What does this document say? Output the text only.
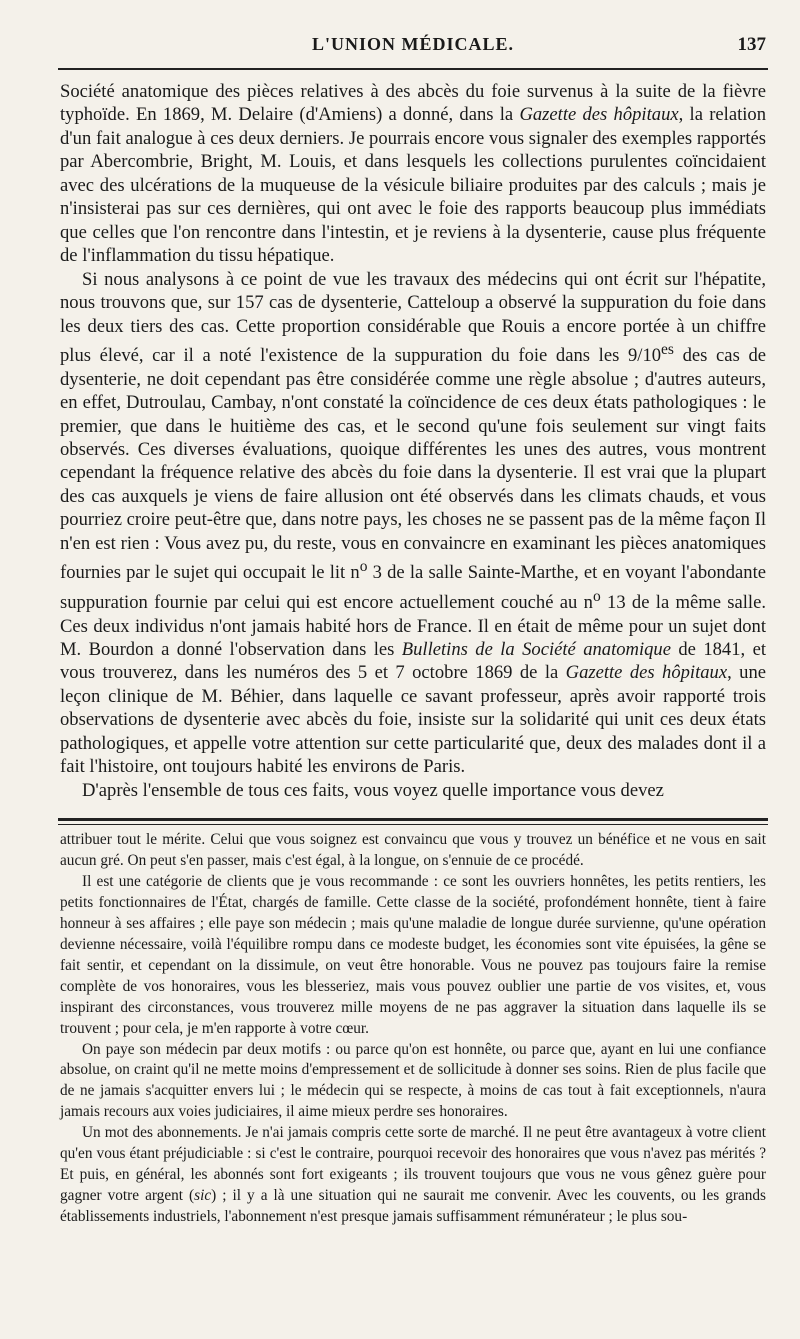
L'UNION MÉDICALE.	137

Société anatomique des pièces relatives à des abcès du foie survenus à la suite de la fièvre typhoïde. En 1869, M. Delaire (d'Amiens) a donné, dans la Gazette des hôpitaux, la relation d'un fait analogue à ces deux derniers. Je pourrais encore vous signaler des exemples rapportés par Abercombrie, Bright, M. Louis, et dans lesquels les collections purulentes coïncidaient avec des ulcérations de la muqueuse de la vésicule biliaire produites par des calculs ; mais je n'insisterai pas sur ces dernières, qui ont avec le foie des rapports beaucoup plus immédiats que celles que l'on rencontre dans l'intestin, et je reviens à la dysenterie, cause plus fréquente de l'inflammation du tissu hépatique.

Si nous analysons à ce point de vue les travaux des médecins qui ont écrit sur l'hépatite, nous trouvons que, sur 157 cas de dysenterie, Catteloup a observé la suppuration du foie dans les deux tiers des cas. Cette proportion considérable que Rouis a encore portée à un chiffre plus élevé, car il a noté l'existence de la suppuration du foie dans les $9/10^{es}$ des cas de dysenterie, ne doit cependant pas être considérée comme une règle absolue ; d'autres auteurs, en effet, Dutroulau, Cambay, n'ont constaté la coïncidence de ces deux états pathologiques : le premier, que dans le huitième des cas, et le second qu'une fois seulement sur vingt faits observés. Ces diverses évaluations, quoique différentes les unes des autres, vous montrent cependant la fréquence relative des abcès du foie dans la dysenterie. Il est vrai que la plupart des cas auxquels je viens de faire allusion ont été observés dans les climats chauds, et vous pourriez croire peut-être que, dans notre pays, les choses ne se passent pas de la même façon Il n'en est rien : Vous avez pu, du reste, vous en convaincre en examinant les pièces anatomiques fournies par le sujet qui occupait le lit $n^o$ 3 de la salle Sainte-Marthe, et en voyant l'abondante suppuration fournie par celui qui est encore actuellement couché au $n^o$ 13 de la même salle. Ces deux individus n'ont jamais habité hors de France. Il en était de même pour un sujet dont M. Bourdon a donné l'observation dans les Bulletins de la Société anatomique de 1841, et vous trouverez, dans les numéros des 5 et 7 octobre 1869 de la Gazette des hôpitaux, une leçon clinique de M. Béhier, dans laquelle ce savant professeur, après avoir rapporté trois observations de dysenterie avec abcès du foie, insiste sur la solidarité qui unit ces deux états pathologiques, et appelle votre attention sur cette particularité que, deux des malades dont il a fait l'histoire, ont toujours habité les environs de Paris.

D'après l'ensemble de tous ces faits, vous voyez quelle importance vous devez

attribuer tout le mérite. Celui que vous soignez est convaincu que vous y trouvez un bénéfice et ne vous en sait aucun gré. On peut s'en passer, mais c'est égal, à la longue, on s'ennuie de ce procédé.

Il est une catégorie de clients que je vous recommande : ce sont les ouvriers honnêtes, les petits rentiers, les petits fonctionnaires de l'État, chargés de famille. Cette classe de la société, profondément honnête, tient à faire honneur à ses affaires ; elle paye son médecin ; mais qu'une maladie de longue durée survienne, qu'une opération devienne nécessaire, voilà l'équilibre rompu dans ce modeste budget, les économies sont vite épuisées, la gêne se fait sentir, et cependant on la dissimule, on veut être honorable. Vous ne pouvez pas toujours faire la remise complète de vos honoraires, vous les blesseriez, mais vous pouvez oublier une partie de vos visites, et, vous inspirant des circonstances, vous trouverez mille moyens de ne pas aggraver la situation dans laquelle ils se trouvent ; pour cela, je m'en rapporte à votre cœur.

On paye son médecin par deux motifs : ou parce qu'on est honnête, ou parce que, ayant en lui une confiance absolue, on craint qu'il ne mette moins d'empressement et de sollicitude à donner ses soins. Rien de plus facile que de ne jamais s'acquitter envers lui ; le médecin qui se respecte, à moins de cas tout à fait exceptionnels, n'aura jamais recours aux voies judiciaires, il aime mieux perdre ses honoraires.

Un mot des abonnements. Je n'ai jamais compris cette sorte de marché. Il ne peut être avantageux à votre client qu'en vous étant préjudiciable : si c'est le contraire, pourquoi recevoir des honoraires que vous n'avez pas mérités ? Et puis, en général, les abonnés sont fort exigeants ; ils trouvent toujours que vous ne vous gênez guère pour gagner votre argent (sic) ; il y a là une situation qui ne saurait me convenir. Avec les couvents, ou les grands établissements industriels, l'abonnement n'est presque jamais suffisamment rémunérateur ; le plus sou-
